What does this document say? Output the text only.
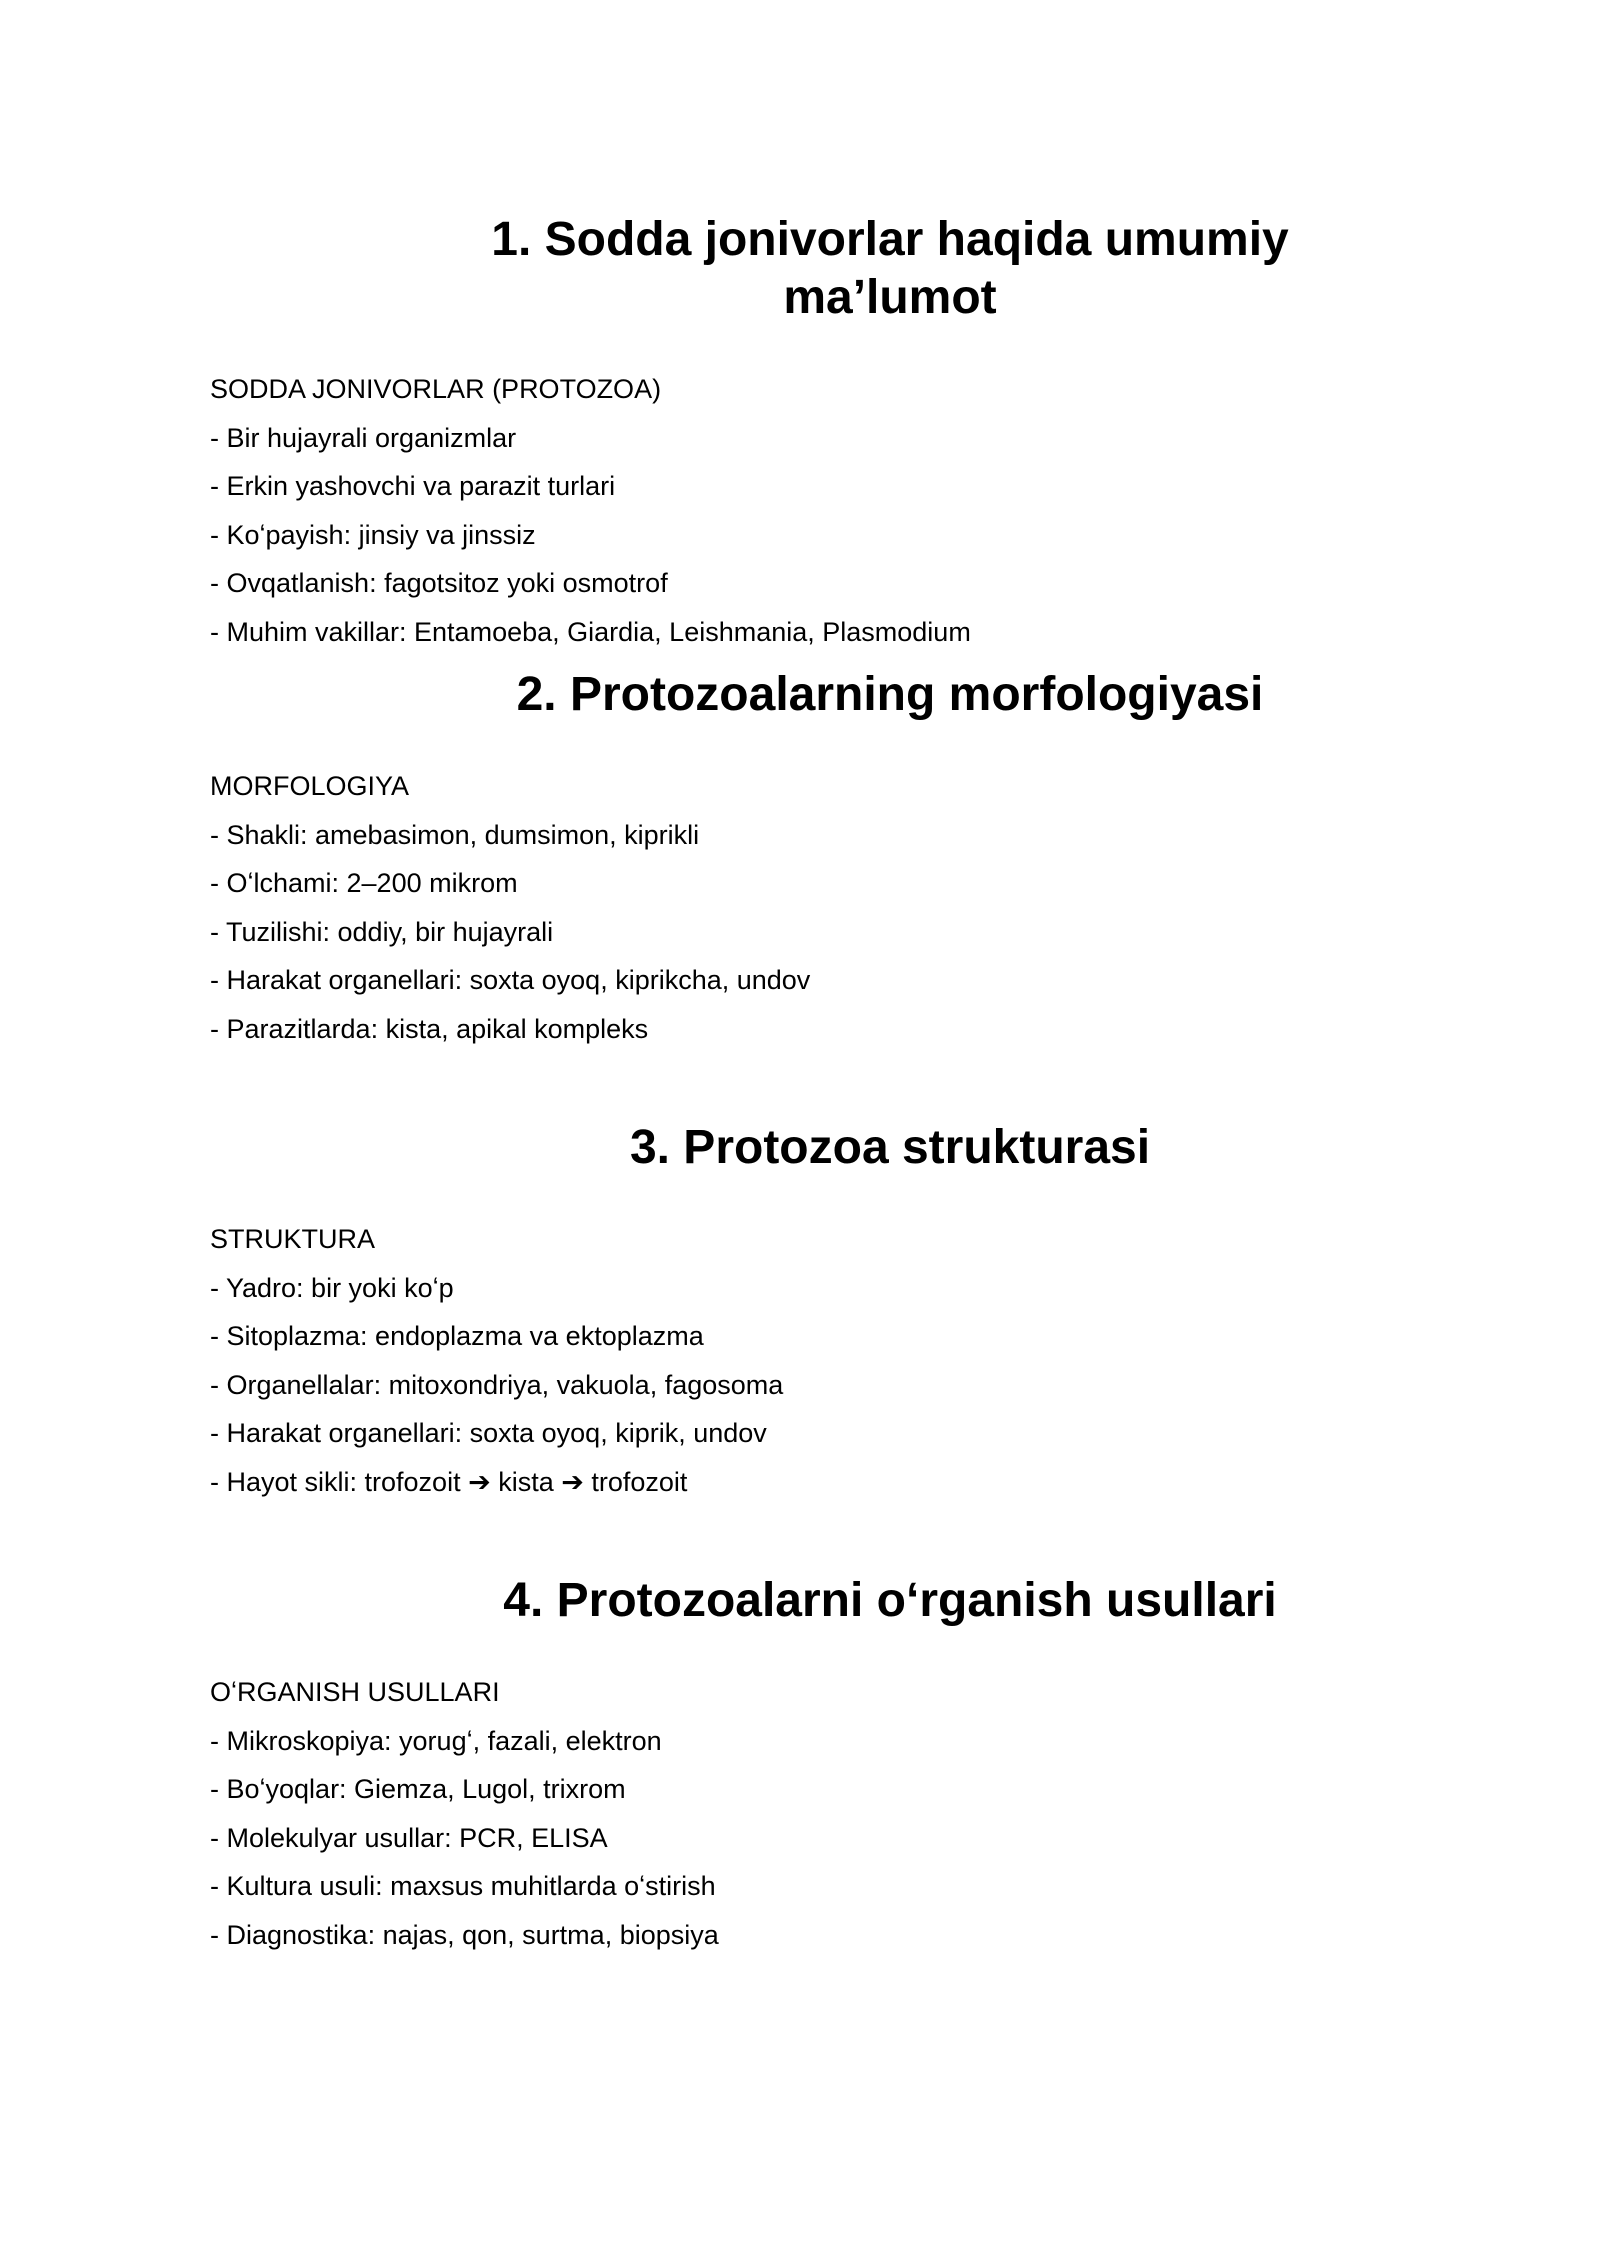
1. Sodda jonivorlar haqida umumiy ma’lumot
SODDA JONIVORLAR (PROTOZOA)
- Bir hujayrali organizmlar
- Erkin yashovchi va parazit turlari
- Koʻpayish: jinsiy va jinssiz
- Ovqatlanish: fagotsitoz yoki osmotrof
- Muhim vakillar: Entamoeba, Giardia, Leishmania, Plasmodium
2. Protozoalarning morfologiyasi
MORFOLOGIYA
- Shakli: amebasimon, dumsimon, kiprikli
- Oʻlchami: 2–200 mikrom
- Tuzilishi: oddiy, bir hujayrali
- Harakat organellari: soxta oyoq, kiprikcha, undov
- Parazitlarda: kista, apikal kompleks
3. Protozoa strukturasi
STRUKTURA
- Yadro: bir yoki koʻp
- Sitoplazma: endoplazma va ektoplazma
- Organellalar: mitoxondriya, vakuola, fagosoma
- Harakat organellari: soxta oyoq, kiprik, undov
- Hayot sikli: trofozoit ➔ kista ➔ trofozoit
4. Protozoalarni oʻrganish usullari
OʻRGANISH USULLARI
- Mikroskopiya: yorugʻ, fazali, elektron
- Boʻyoqlar: Giemza, Lugol, trixrom
- Molekulyar usullar: PCR, ELISA
- Kultura usuli: maxsus muhitlarda oʻstirish
- Diagnostika: najas, qon, surtma, biopsiya
